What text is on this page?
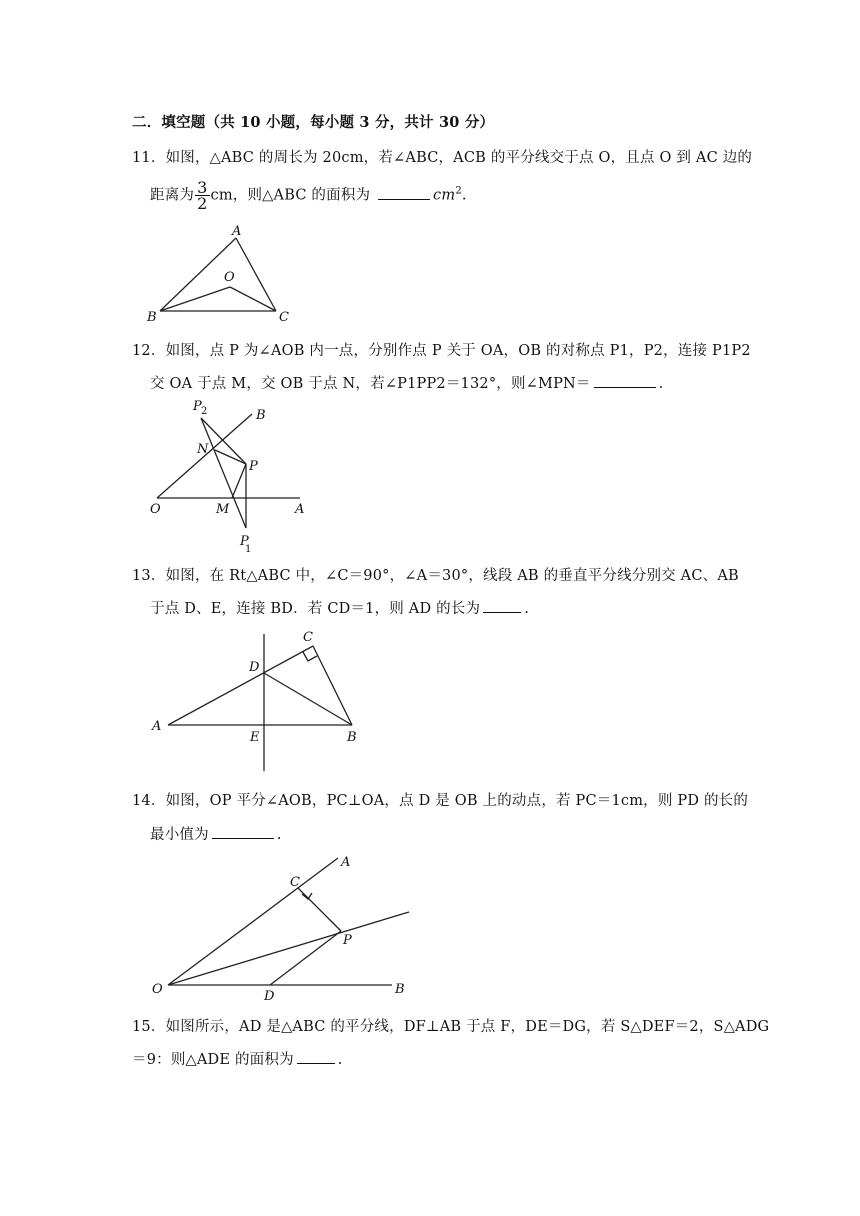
二．填空题（共 10 小题，每小题 3 分，共计 30 分）
11．如图，△ABC 的周长为 20cm，若∠ABC，ACB 的平分线交于点 O，且点 O 到 AC 边的
距离为 $\frac{3}{2}$ cm，则△ABC 的面积为	$cm^2$.
A
O
B	C
12．如图，点 P 为∠AOB 内一点，分别作点 P 关于 OA，OB 的对称点 P1，P2，连接 P1P2
交 OA 于点 M，交 OB 于点 N，若∠P1PP2＝132°，则∠MPN＝	.
P 2	B
N
P
O	M	A
P
1
13．如图，在 Rt△ABC 中，∠C＝90°，∠A＝30°，线段 AB 的垂直平分线分别交 AC、AB
于点 D、E，连接 BD．若 CD＝1，则 AD 的长为	.
C
D
A
E	B
14．如图，OP 平分∠AOB，PC⊥OA，点 D 是 OB 上的动点，若 PC＝1cm，则 PD 的长的
最小值为	.
A
C
P
O	D	B
15．如图所示，AD 是△ABC 的平分线，DF⊥AB 于点 F，DE＝DG，若 S△DEF＝2，S△ADG
＝9：则△ADE 的面积为	.
